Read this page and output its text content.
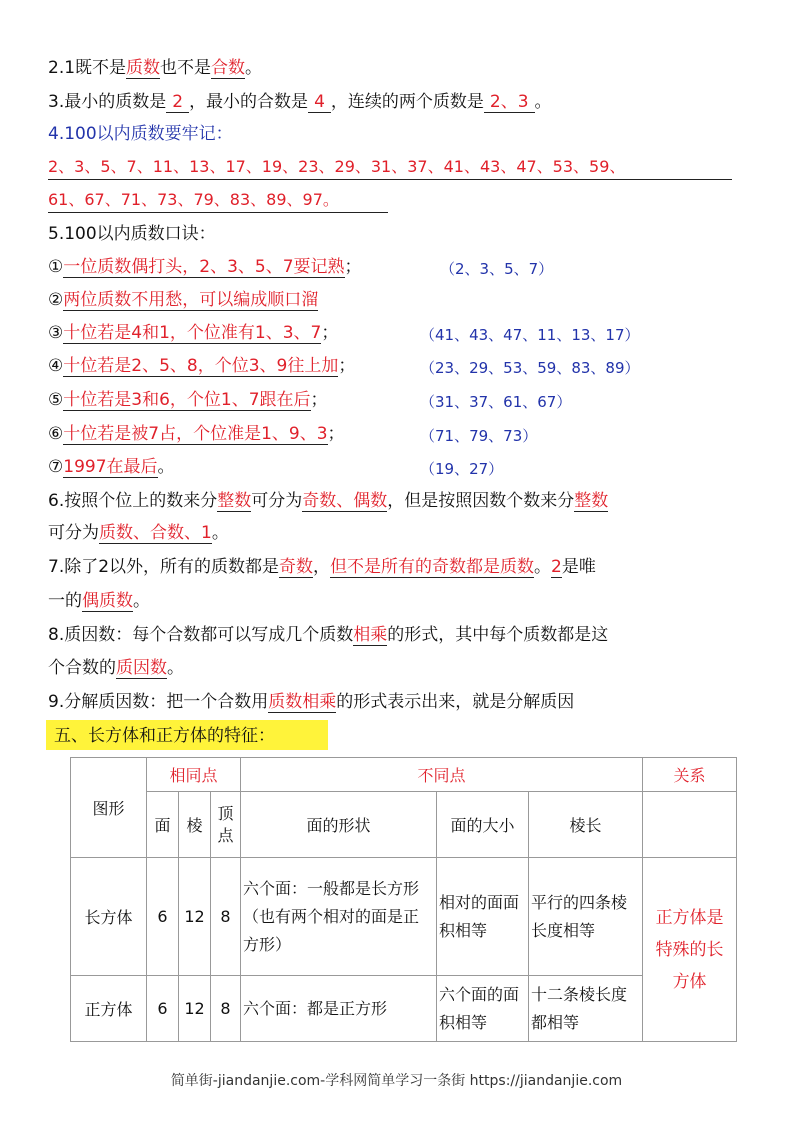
2.1既不是质数也不是合数。
3.最小的质数是 2 ，最小的合数是 4 ，连续的两个质数是 2、3 。
4.100以内质数要牢记：
2、3、5、7、11、13、17、19、23、29、31、37、41、43、47、53、59、
61、67、71、73、79、83、89、97。
5.100以内质数口诀：
①一位质数偶打头，2、3、5、7要记熟；	（2、3、5、7）
②两位质数不用愁，可以编成顺口溜
③十位若是4和1，个位准有1、3、7；	（41、43、47、11、13、17）
④十位若是2、5、8，个位3、9往上加；	（23、29、53、59、83、89）
⑤十位若是3和6，个位1、7跟在后；	（31、37、61、67）
⑥十位若是被7占，个位准是1、9、3；	（71、79、73）
⑦1997在最后。	（19、27）
6.按照个位上的数来分整数可分为奇数、偶数，但是按照因数个数来分整数
可分为质数、合数、1。
7.除了2以外，所有的质数都是奇数，但不是所有的奇数都是质数。2是唯
一的偶质数。
8.质因数：每个合数都可以写成几个质数相乘的形式，其中每个质数都是这
个合数的质因数。
9.分解质因数：把一个合数用质数相乘的形式表示出来，就是分解质因
五、长方体和正方体的特征：
图形	相同点			不同点			关系
	面	棱	顶点	面的形状	面的大小	棱长	
长方体	6	12	8	六个面：一般都是长方形（也有两个相对的面是正方形）	相对的面面积相等	平行的四条棱长度相等	正方体是特殊的长方体
正方体	6	12	8	六个面：都是正方形	六个面的面积相等	十二条棱长度都相等	
简单街-jiandanjie.com-学科网简单学习一条街 https://jiandanjie.com
